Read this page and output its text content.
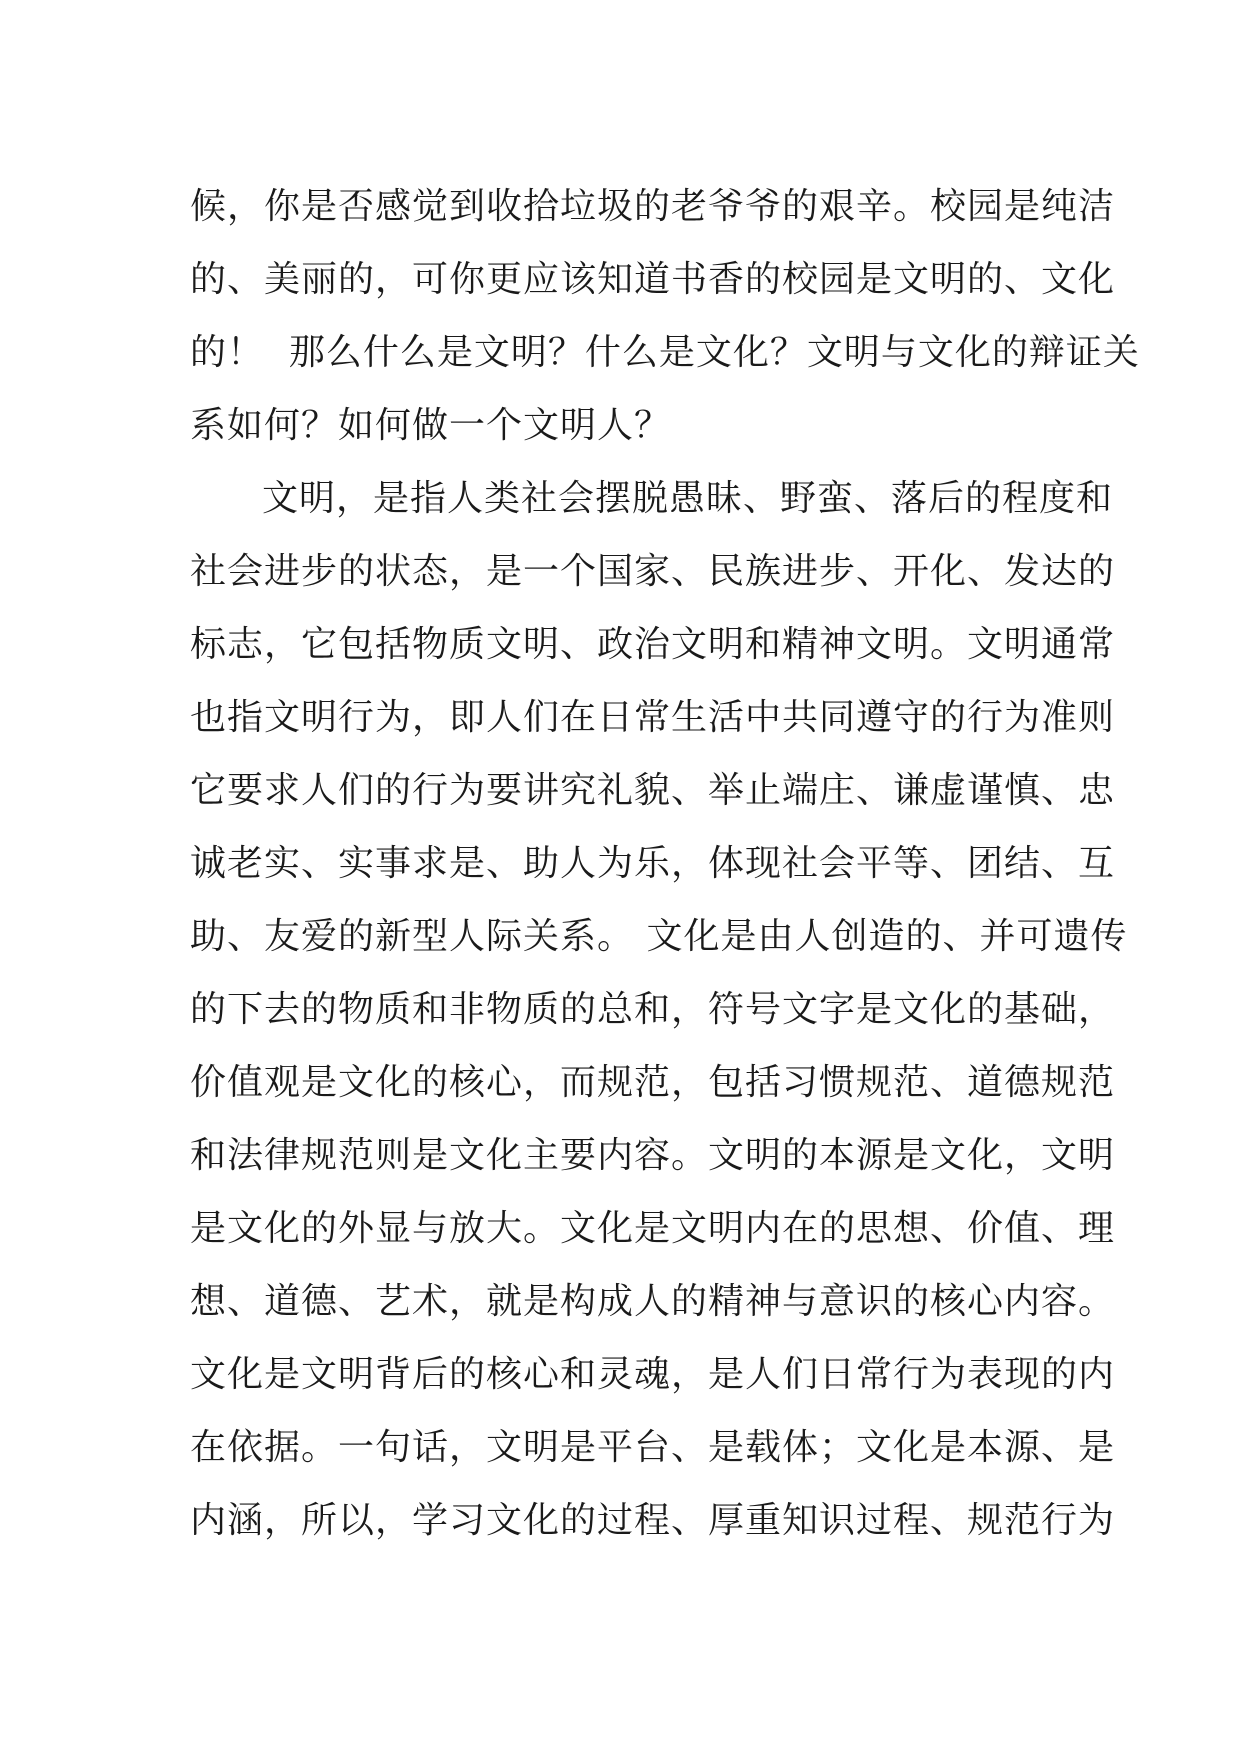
候，你是否感觉到收拾垃圾的老爷爷的艰辛。校园是纯洁
的、美丽的，可你更应该知道书香的校园是文明的、文化
的！  那么什么是文明？什么是文化？文明与文化的辩证关
系如何？如何做一个文明人？
文明，是指人类社会摆脱愚昧、野蛮、落后的程度和
社会进步的状态，是一个国家、民族进步、开化、发达的
标志，它包括物质文明、政治文明和精神文明。文明通常
也指文明行为，即人们在日常生活中共同遵守的行为准则
它要求人们的行为要讲究礼貌、举止端庄、谦虚谨慎、忠
诚老实、实事求是、助人为乐，体现社会平等、团结、互
助、友爱的新型人际关系。 文化是由人创造的、并可遗传
的下去的物质和非物质的总和，符号文字是文化的基础，
价值观是文化的核心，而规范，包括习惯规范、道德规范
和法律规范则是文化主要内容。文明的本源是文化，文明
是文化的外显与放大。文化是文明内在的思想、价值、理
想、道德、艺术，就是构成人的精神与意识的核心内容。
文化是文明背后的核心和灵魂，是人们日常行为表现的内
在依据。一句话，文明是平台、是载体；文化是本源、是
内涵，所以，学习文化的过程、厚重知识过程、规范行为
